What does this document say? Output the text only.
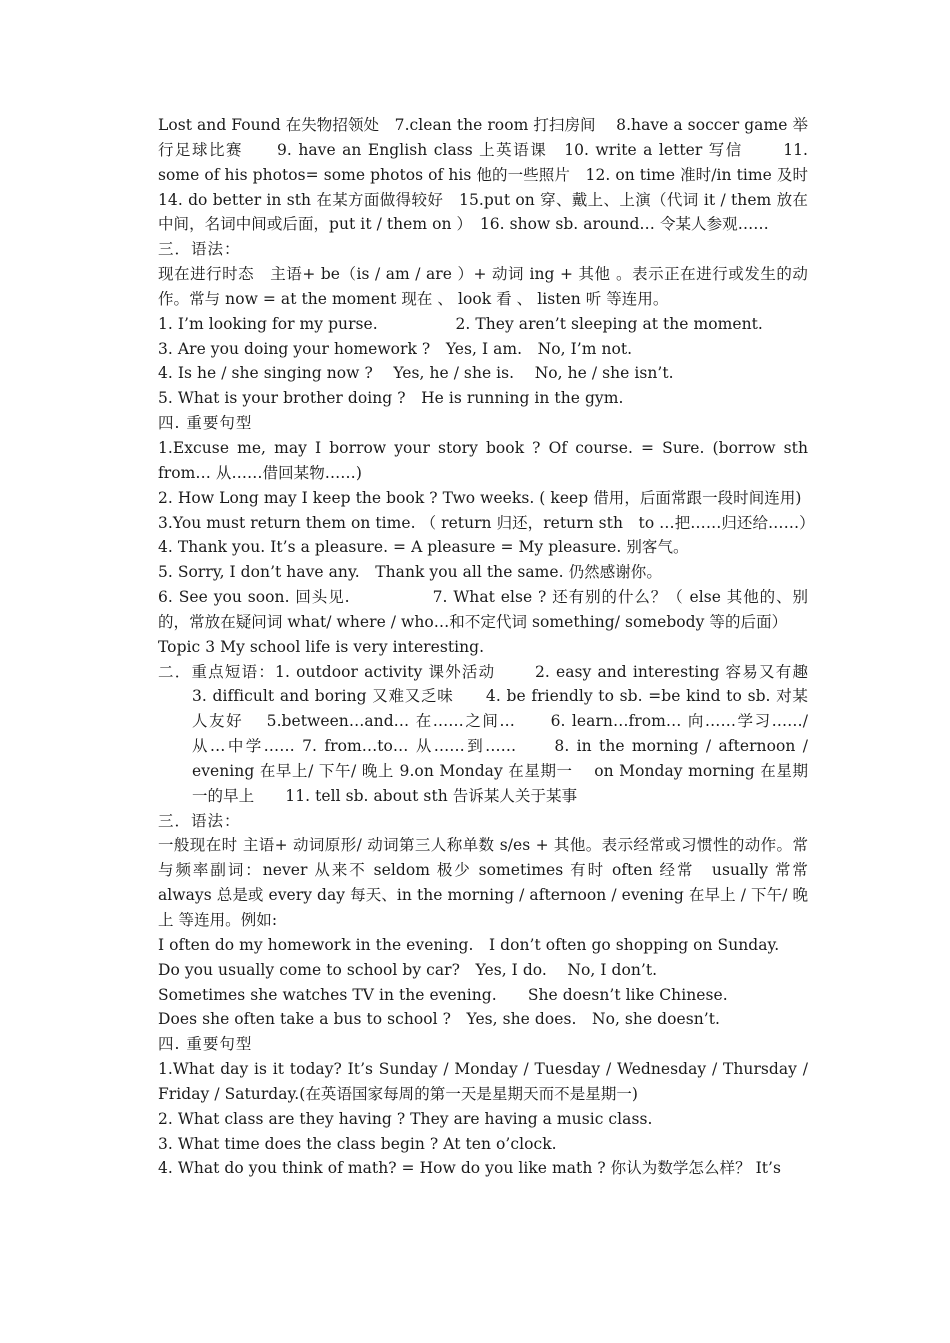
Lost and Found 在失物招领处　7.clean the room 打扫房间　 8.have a soccer game 举行足球比赛　　9. have an English class 上英语课　10. write a letter 写信　　 11. some of his photos= some photos of his 他的一些照片　12. on time 准时/in time 及时　　14. do better in sth 在某方面做得较好　15.put on 穿、戴上、上演（代词 it / them 放在中间，名词中间或后面，put it / them on ）　16. show sb. around… 令某人参观……

三．语法：

现在进行时态　主语+ be（is / am / are ）+ 动词 ing + 其他 。表示正在进行或发生的动作。常与 now = at the moment 现在 、 look 看 、 listen 听 等连用。

1. I’m looking for my purse.　　　　　2. They aren’t sleeping at the moment.

3. Are you doing your homework ?　Yes, I am.　No, I’m not.

4. Is he / she singing now ?　 Yes, he / she is.　 No, he / she isn’t.

5. What is your brother doing ?　He is running in the gym.

四. 重要句型

1.Excuse me, may I borrow your story book ? Of course. = Sure. (borrow sth from… 从……借回某物……)

2. How Long may I keep the book ? Two weeks. ( keep 借用，后面常跟一段时间连用)

3.You must return them on time. （ return 归还，return sth　to …把……归还给……）

4. Thank you. It’s a pleasure. = A pleasure = My pleasure. 别客气。

5. Sorry, I don’t have any.　Thank you all the same. 仍然感谢你。

6. See you soon. 回头见.　　　　　7. What else ? 还有别的什么？（ else 其他的、别的，常放在疑问词 what/ where / who…和不定代词 something/ somebody 等的后面）

Topic 3 My school life is very interesting.

二．重点短语：1. outdoor activity 课外活动　　 2. easy and interesting 容易又有趣　　　3. difficult and boring 又难又乏味　　4. be friendly to sb. =be kind to sb. 对某人友好　 5.between…and… 在……之间…　　6. learn…from… 向……学习……/ 从…中学…… 7. from…to… 从……到……　　8. in the morning / afternoon / evening 在早上/ 下午/ 晚上 9.on Monday 在星期一　 on Monday morning 在星期一的早上　　11. tell sb. about sth 告诉某人关于某事

三．语法：

一般现在时 主语+ 动词原形/ 动词第三人称单数 s/es + 其他。表示经常或习惯性的动作。常与频率副词：never 从来不 seldom 极少 sometimes 有时 often 经常　usually 常常 always 总是或 every day 每天、in the morning / afternoon / evening 在早上 / 下午/ 晚上 等连用。例如:

I often do my homework in the evening.　I don’t often go shopping on Sunday.

Do you usually come to school by car?　Yes, I do.　 No, I don’t.

Sometimes she watches TV in the evening.　　She doesn’t like Chinese.

Does she often take a bus to school ?　Yes, she does.　No, she doesn’t.

四. 重要句型

1.What day is it today? It’s Sunday / Monday / Tuesday / Wednesday / Thursday / Friday / Saturday.(在英语国家每周的第一天是星期天而不是星期一)

2. What class are they having ? They are having a music class.

3. What time does the class begin ? At ten o’clock.

4. What do you think of math? = How do you like math ? 你认为数学怎么样？ It’s
